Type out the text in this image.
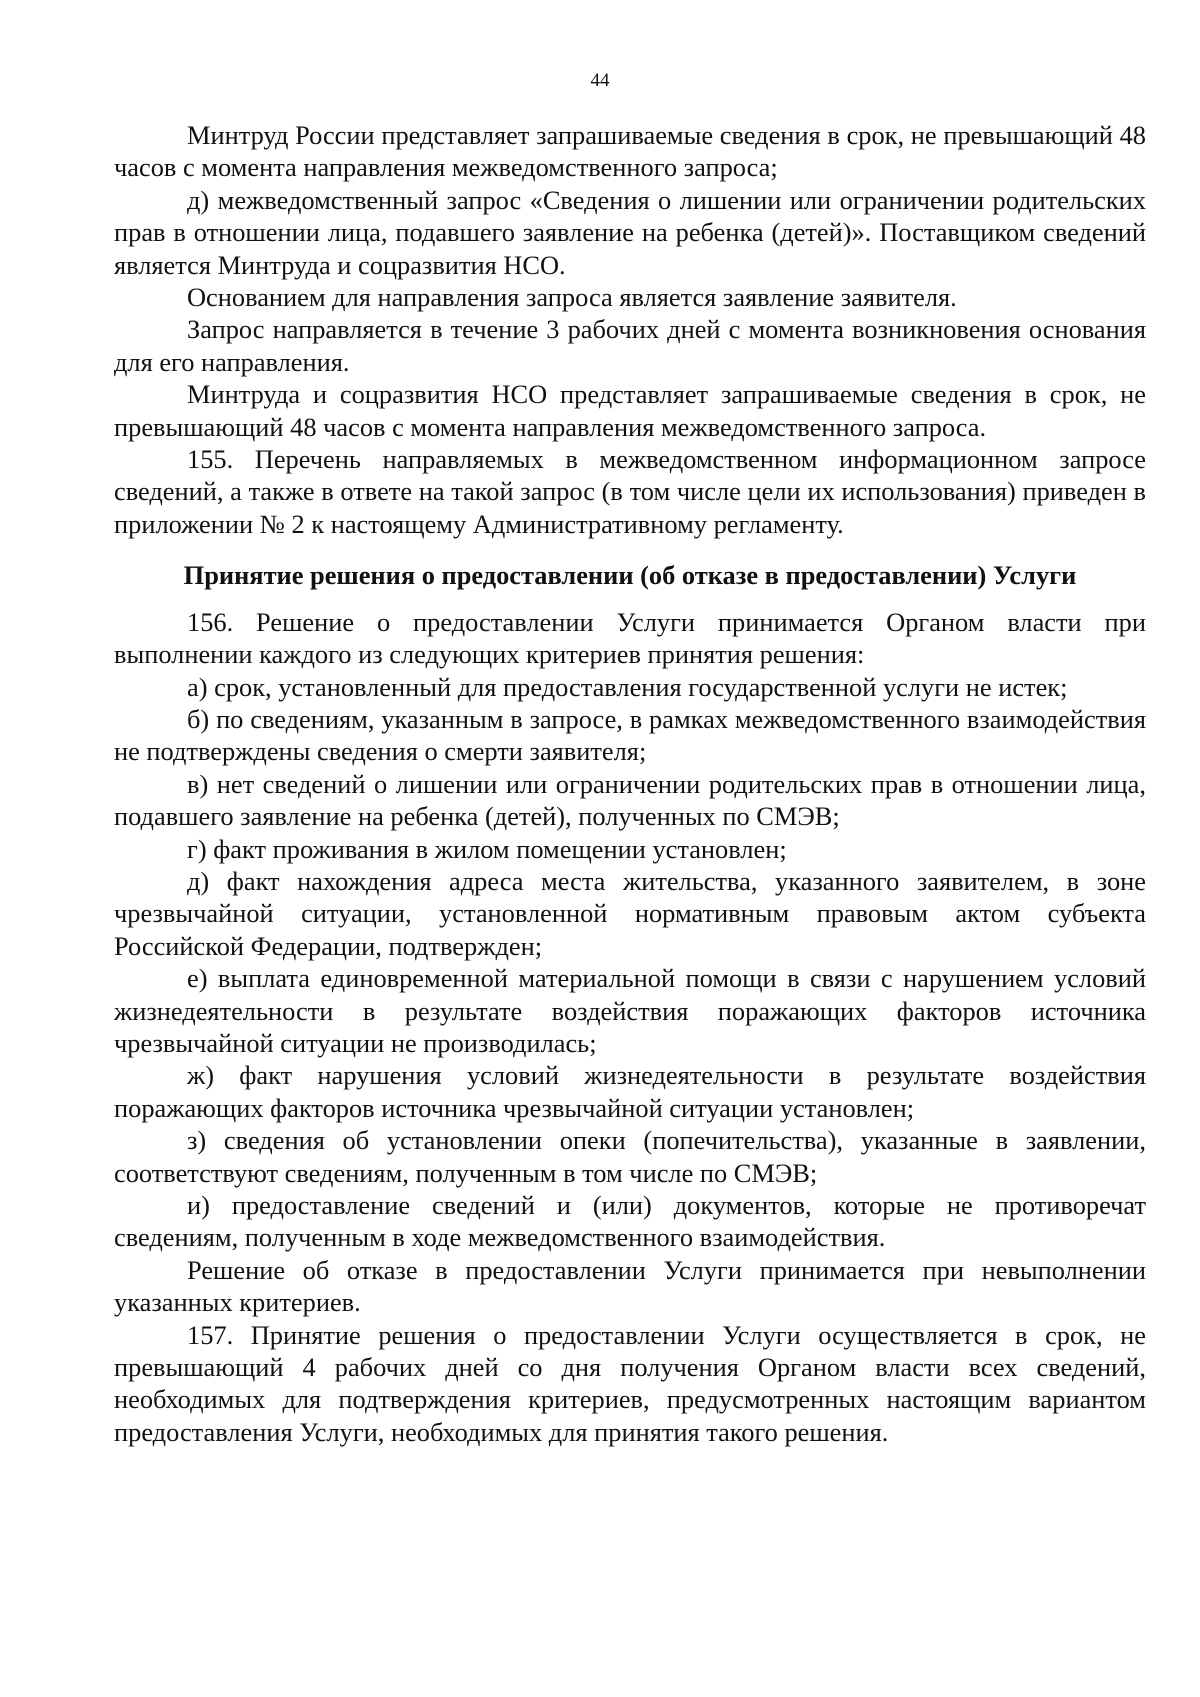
44

Минтруд России представляет запрашиваемые сведения в срок, не превышающий 48 часов с момента направления межведомственного запроса;

д) межведомственный запрос «Сведения о лишении или ограничении родительских прав в отношении лица, подавшего заявление на ребенка (детей)». Поставщиком сведений является Минтруда и соцразвития НСО.

Основанием для направления запроса является заявление заявителя.

Запрос направляется в течение 3 рабочих дней с момента возникновения основания для его направления.

Минтруда и соцразвития НСО представляет запрашиваемые сведения в срок, не превышающий 48 часов с момента направления межведомственного запроса.

155. Перечень направляемых в межведомственном информационном запросе сведений, а также в ответе на такой запрос (в том числе цели их использования) приведен в приложении № 2 к настоящему Административному регламенту.

Принятие решения о предоставлении (об отказе в предоставлении) Услуги

156. Решение о предоставлении Услуги принимается Органом власти при выполнении каждого из следующих критериев принятия решения:

а) срок, установленный для предоставления государственной услуги не истек;

б) по сведениям, указанным в запросе, в рамках межведомственного взаимодействия не подтверждены сведения о смерти заявителя;

в) нет сведений о лишении или ограничении родительских прав в отношении лица, подавшего заявление на ребенка (детей), полученных по СМЭВ;

г) факт проживания в жилом помещении установлен;

д) факт нахождения адреса места жительства, указанного заявителем, в зоне чрезвычайной ситуации, установленной нормативным правовым актом субъекта Российской Федерации, подтвержден;

е) выплата единовременной материальной помощи в связи с нарушением условий жизнедеятельности в результате воздействия поражающих факторов источника чрезвычайной ситуации не производилась;

ж) факт нарушения условий жизнедеятельности в результате воздействия поражающих факторов источника чрезвычайной ситуации установлен;

з) сведения об установлении опеки (попечительства), указанные в заявлении, соответствуют сведениям, полученным в том числе по СМЭВ;

и) предоставление сведений и (или) документов, которые не противоречат сведениям, полученным в ходе межведомственного взаимодействия.

Решение об отказе в предоставлении Услуги принимается при невыполнении указанных критериев.

157. Принятие решения о предоставлении Услуги осуществляется в срок, не превышающий 4 рабочих дней со дня получения Органом власти всех сведений, необходимых для подтверждения критериев, предусмотренных настоящим вариантом предоставления Услуги, необходимых для принятия такого решения.
